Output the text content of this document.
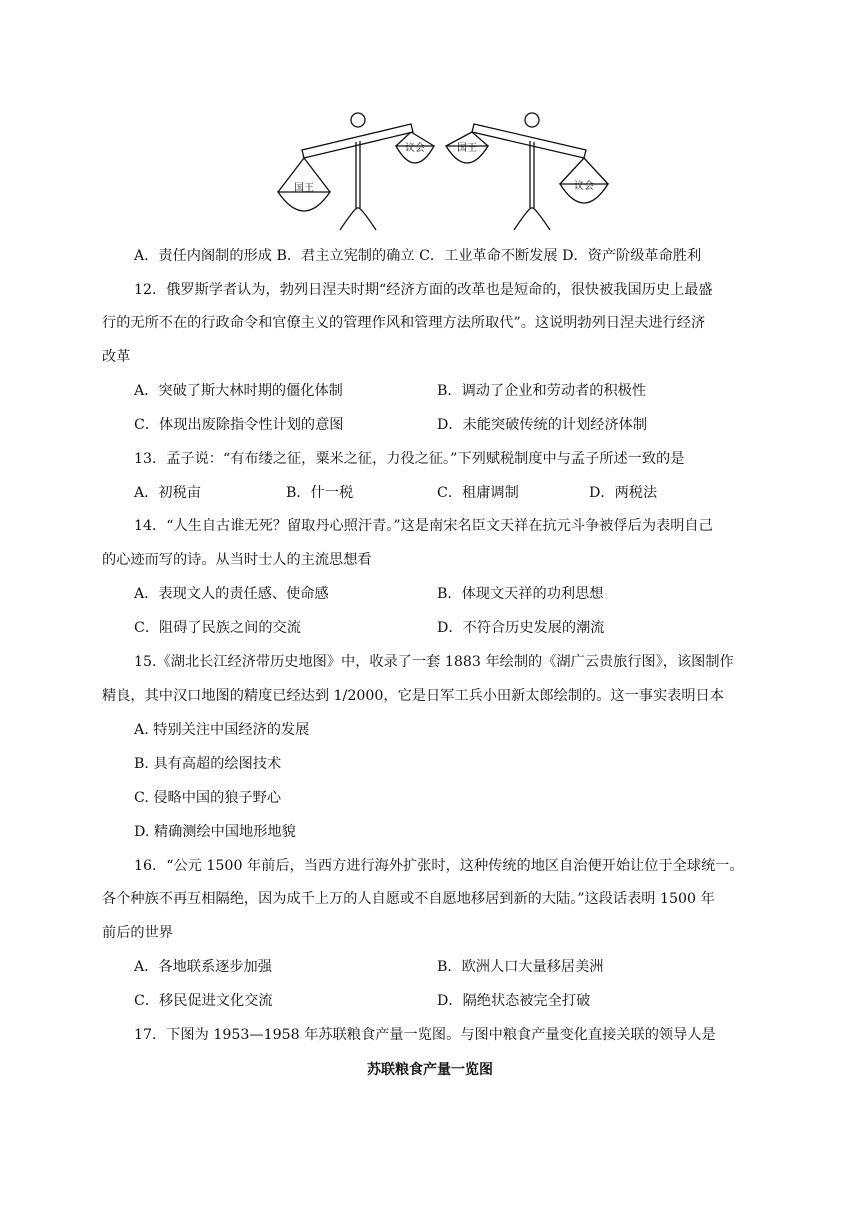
国王
议会	国王
议会
A．责任内阁制的形成 B．君主立宪制的确立 C．工业革命不断发展 D．资产阶级革命胜利
12．俄罗斯学者认为，勃列日涅夫时期“经济方面的改革也是短命的，很快被我国历史上最盛
行的无所不在的行政命令和官僚主义的管理作风和管理方法所取代”。这说明勃列日涅夫进行经济
改革
A．突破了斯大林时期的僵化体制	B．调动了企业和劳动者的积极性
C．体现出废除指令性计划的意图	D．未能突破传统的计划经济体制
13．孟子说：“有布缕之征，粟米之征，力役之征。”下列赋税制度中与孟子所述一致的是
A．初税亩	B．什一税	C．租庸调制	D．两税法
14．“人生自古谁无死？留取丹心照汗青。”这是南宋名臣文天祥在抗元斗争被俘后为表明自己
的心迹而写的诗。从当时士人的主流思想看
A．表现文人的责任感、使命感	B．体现文天祥的功利思想
C．阻碍了民族之间的交流	D．不符合历史发展的潮流
15.《湖北长江经济带历史地图》中，收录了一套 1883 年绘制的《湖广云贵旅行图》，该图制作
精良，其中汉口地图的精度已经达到 1/2000，它是日军工兵小田新太郎绘制的。这一事实表明日本
A. 特别关注中国经济的发展
B. 具有高超的绘图技术
C. 侵略中国的狼子野心
D. 精确测绘中国地形地貌
16．“公元 1500 年前后，当西方进行海外扩张时，这种传统的地区自治便开始让位于全球统一。
各个种族不再互相隔绝，因为成千上万的人自愿或不自愿地移居到新的大陆。”这段话表明 1500 年
前后的世界
A．各地联系逐步加强	B．欧洲人口大量移居美洲
C．移民促进文化交流	D．隔绝状态被完全打破
17．下图为 1953—1958 年苏联粮食产量一览图。与图中粮食产量变化直接关联的领导人是
苏联粮食产量一览图
